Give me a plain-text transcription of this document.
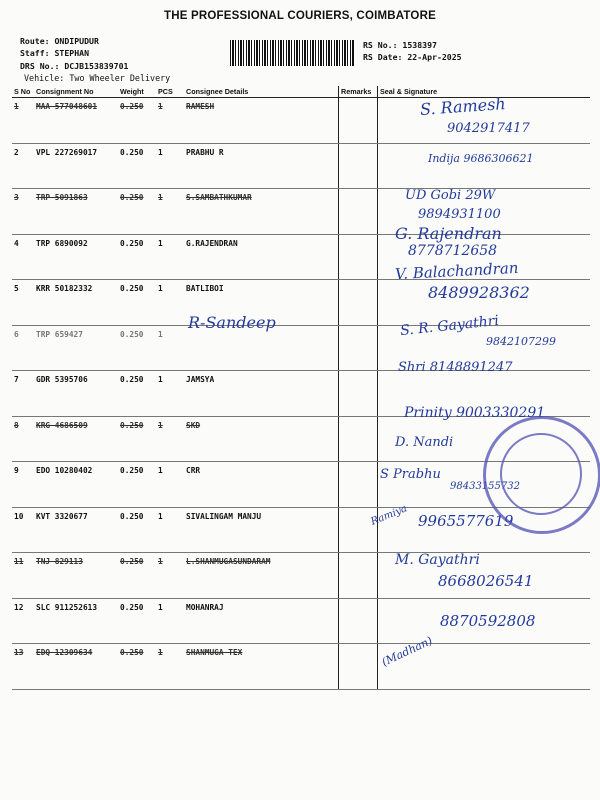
THE PROFESSIONAL COURIERS, COIMBATORE
Route: ONDIPUDUR
Staff: STEPHAN
DRS No.: DCJB153839701
Vehicle: Two Wheeler Delivery
RS No.: 1538397
RS Date: 22-Apr-2025
S No	Consignment No	Weight	PCS	Consignee Details	Remarks	Seal & Signature
1	MAA 577048601	0.250	1	RAMESH		
2	VPL 227269017	0.250	1	PRABHU R		
3	TRP 5091863	0.250	1	S.SAMBATHKUMAR		
4	TRP 6890092	0.250	1	G.RAJENDRAN		
5	KRR 50182332	0.250	1	BATLIBOI		
6	TRP 659427	0.250	1			
7	GDR 5395706	0.250	1	JAMSYA		
8	KRG 4686509	0.250	1	SKD		
9	EDO 10280402	0.250	1	CRR		
10	KVT 3320677	0.250	1	SIVALINGAM MANJU		
11	TNJ 829113	0.250	1	L.SHANMUGASUNDARAM		
12	SLC 911252613	0.250	1	MOHANRAJ		
13	EDQ 12309634	0.250	1	SHANMUGA TEX		
S. Ramesh
9042917417
Indija 9686306621
UD Gobi 29W
9894931100
G. Rajendran
8778712658
V. Balachandran
8489928362
R-Sandeep	S. R. Gayathri
9842107299
Shri 8148891247
Prinity 9003330291
D. Nandi
S Prabhu
98433155732
Ramiya 9965577619
M. Gayathri
8668026541
8870592808
(Madhan)
